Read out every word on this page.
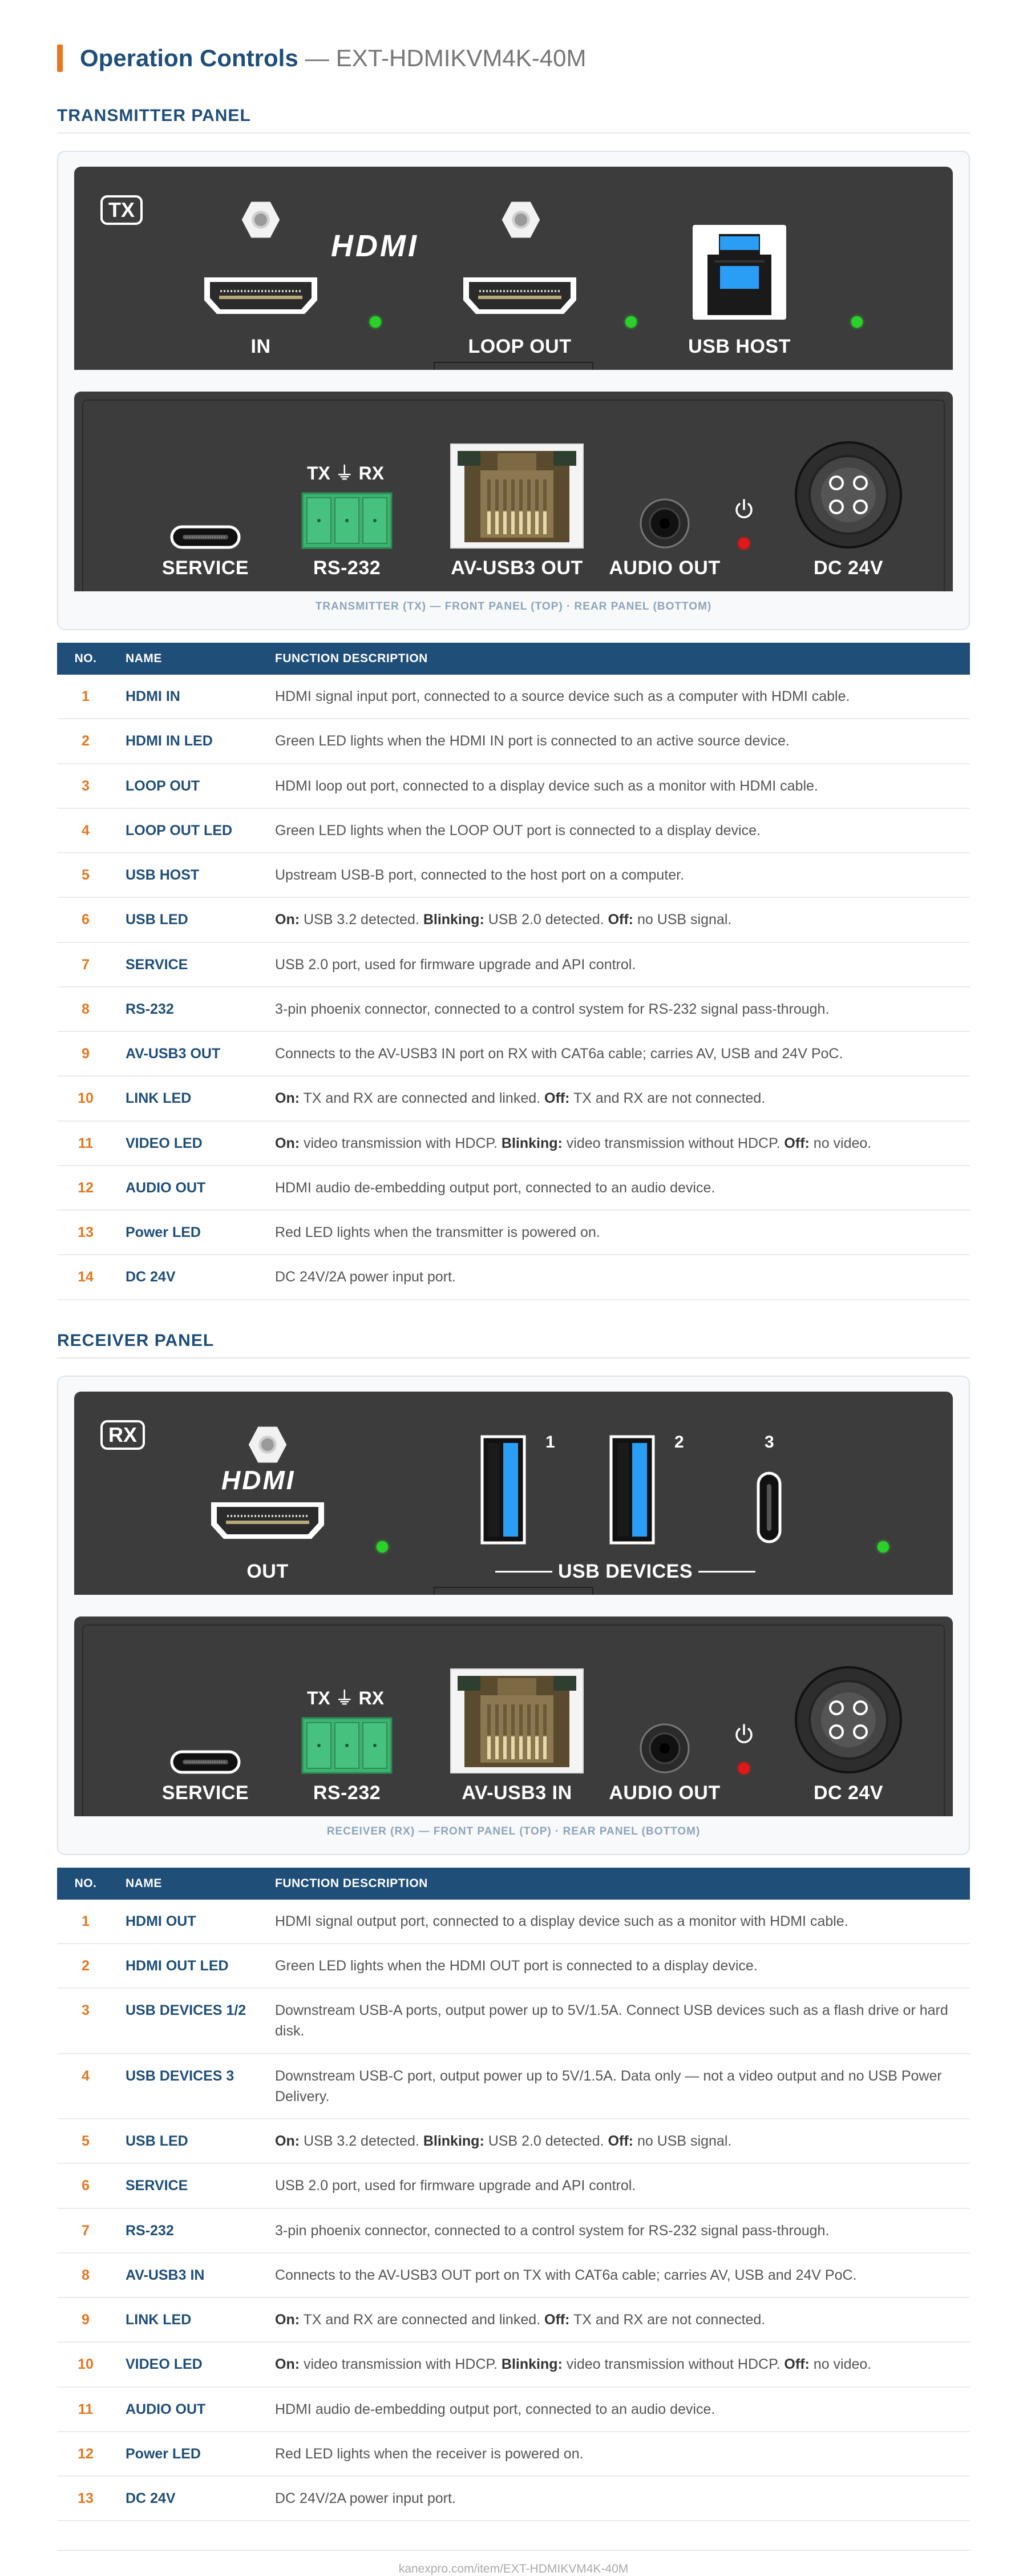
Operation Controls — EXT-HDMIKVM4K-40M
TRANSMITTER PANEL
TX
HDMI
IN	LOOP OUT	USB HOST
TX ⏚ RX
SERVICE	RS-232	AV-USB3 OUT AUDIO OUT	DC 24V
TRANSMITTER (TX) — FRONT PANEL (TOP) · REAR PANEL (BOTTOM)
NO.	NAME	FUNCTION DESCRIPTION
1	HDMI IN	HDMI signal input port, connected to a source device such as a computer with HDMI cable.
2	HDMI IN LED	Green LED lights when the HDMI IN port is connected to an active source device.
3	LOOP OUT	HDMI loop out port, connected to a display device such as a monitor with HDMI cable.
4	LOOP OUT LED	Green LED lights when the LOOP OUT port is connected to a display device.
5	USB HOST	Upstream USB-B port, connected to the host port on a computer.
6	USB LED	On: USB 3.2 detected. Blinking: USB 2.0 detected. Off: no USB signal.
7	SERVICE	USB 2.0 port, used for firmware upgrade and API control.
8	RS-232	3-pin phoenix connector, connected to a control system for RS-232 signal pass-through.
9	AV-USB3 OUT	Connects to the AV-USB3 IN port on RX with CAT6a cable; carries AV, USB and 24V PoC.
10	LINK LED	On: TX and RX are connected and linked. Off: TX and RX are not connected.
11	VIDEO LED	On: video transmission with HDCP. Blinking: video transmission without HDCP. Off: no video.
12	AUDIO OUT	HDMI audio de-embedding output port, connected to an audio device.
13	Power LED	Red LED lights when the transmitter is powered on.
14	DC 24V	DC 24V/2A power input port.
RECEIVER PANEL
RX
HDMI
1	2	3
OUT	USB DEVICES
TX ⏚ RX
SERVICE	RS-232	AV-USB3 IN AUDIO OUT	DC 24V
RECEIVER (RX) — FRONT PANEL (TOP) · REAR PANEL (BOTTOM)
NO.	NAME	FUNCTION DESCRIPTION
1	HDMI OUT	HDMI signal output port, connected to a display device such as a monitor with HDMI cable.
2	HDMI OUT LED	Green LED lights when the HDMI OUT port is connected to a display device.
3	USB DEVICES 1/2	Downstream USB-A ports, output power up to 5V/1.5A. Connect USB devices such as a flash drive or hard disk.
4	USB DEVICES 3	Downstream USB-C port, output power up to 5V/1.5A. Data only — not a video output and no USB Power Delivery.
5	USB LED	On: USB 3.2 detected. Blinking: USB 2.0 detected. Off: no USB signal.
6	SERVICE	USB 2.0 port, used for firmware upgrade and API control.
7	RS-232	3-pin phoenix connector, connected to a control system for RS-232 signal pass-through.
8	AV-USB3 IN	Connects to the AV-USB3 OUT port on TX with CAT6a cable; carries AV, USB and 24V PoC.
9	LINK LED	On: TX and RX are connected and linked. Off: TX and RX are not connected.
10	VIDEO LED	On: video transmission with HDCP. Blinking: video transmission without HDCP. Off: no video.
11	AUDIO OUT	HDMI audio de-embedding output port, connected to an audio device.
12	Power LED	Red LED lights when the receiver is powered on.
13	DC 24V	DC 24V/2A power input port.
kanexpro.com/item/EXT-HDMIKVM4K-40M
